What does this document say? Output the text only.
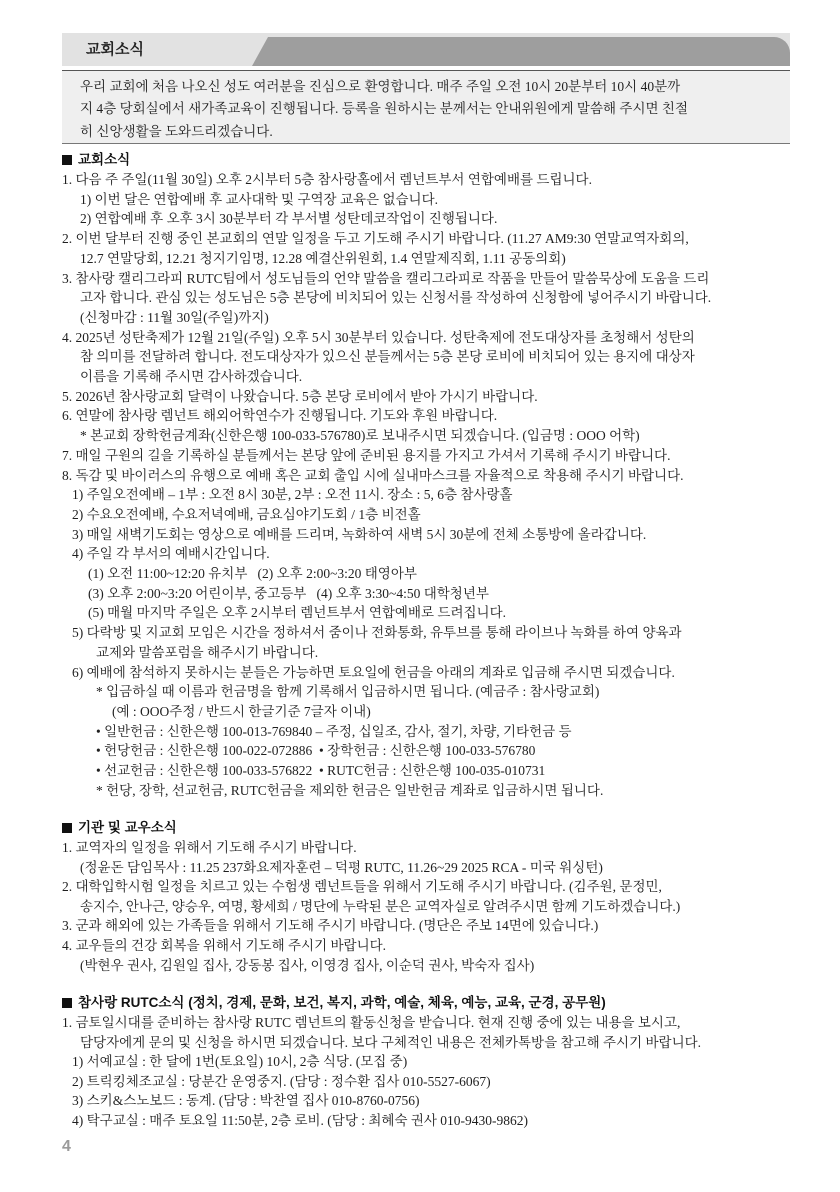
교회소식
우리 교회에 처음 나오신 성도 여러분을 진심으로 환영합니다. 매주 주일 오전 10시 20분부터 10시 40분까
지 4층 당회실에서 새가족교육이 진행됩니다. 등록을 원하시는 분께서는 안내위원에게 말씀해 주시면 친절
히 신앙생활을 도와드리겠습니다.
교회소식
1. 다음 주 주일(11월 30일) 오후 2시부터 5층 참사랑홀에서 렘넌트부서 연합예배를 드립니다.
1) 이번 달은 연합예배 후 교사대학 및 구역장 교육은 없습니다.
2) 연합예배 후 오후 3시 30분부터 각 부서별 성탄데코작업이 진행됩니다.
2. 이번 달부터 진행 중인 본교회의 연말 일정을 두고 기도해 주시기 바랍니다. (11.27 AM9:30 연말교역자회의,
12.7 연말당회, 12.21 청지기임명, 12.28 예결산위원회, 1.4 연말제직회, 1.11 공동의회)
3. 참사랑 캘리그라피 RUTC팀에서 성도님들의 언약 말씀을 캘리그라피로 작품을 만들어 말씀묵상에 도움을 드리
고자 합니다. 관심 있는 성도님은 5층 본당에 비치되어 있는 신청서를 작성하여 신청함에 넣어주시기 바랍니다.
(신청마감 : 11월 30일(주일)까지)
4. 2025년 성탄축제가 12월 21일(주일) 오후 5시 30분부터 있습니다. 성탄축제에 전도대상자를 초청해서 성탄의
참 의미를 전달하려 합니다. 전도대상자가 있으신 분들께서는 5층 본당 로비에 비치되어 있는 용지에 대상자
이름을 기록해 주시면 감사하겠습니다.
5. 2026년 참사랑교회 달력이 나왔습니다. 5층 본당 로비에서 받아 가시기 바랍니다.
6. 연말에 참사랑 렘넌트 해외어학연수가 진행됩니다. 기도와 후원 바랍니다.
* 본교회 장학헌금계좌(신한은행 100-033-576780)로 보내주시면 되겠습니다. (입금명 : OOO 어학)
7. 매일 구원의 길을 기록하실 분들께서는 본당 앞에 준비된 용지를 가지고 가셔서 기록해 주시기 바랍니다.
8. 독감 및 바이러스의 유행으로 예배 혹은 교회 출입 시에 실내마스크를 자율적으로 착용해 주시기 바랍니다.
1) 주일오전예배 – 1부 : 오전 8시 30분, 2부 : 오전 11시. 장소 : 5, 6층 참사랑홀
2) 수요오전예배, 수요저녁예배, 금요심야기도회 / 1층 비전홀
3) 매일 새벽기도회는 영상으로 예배를 드리며, 녹화하여 새벽 5시 30분에 전체 소통방에 올라갑니다.
4) 주일 각 부서의 예배시간입니다.
(1) 오전 11:00~12:20 유치부   (2) 오후 2:00~3:20 태영아부
(3) 오후 2:00~3:20 어린이부, 중고등부   (4) 오후 3:30~4:50 대학청년부
(5) 매월 마지막 주일은 오후 2시부터 렘넌트부서 연합예배로 드려집니다.
5) 다락방 및 지교회 모임은 시간을 정하셔서 줌이나 전화통화, 유투브를 통해 라이브나 녹화를 하여 양육과
교제와 말씀포럼을 해주시기 바랍니다.
6) 예배에 참석하지 못하시는 분들은 가능하면 토요일에 헌금을 아래의 계좌로 입금해 주시면 되겠습니다.
* 입금하실 때 이름과 헌금명을 함께 기록해서 입금하시면 됩니다. (예금주 : 참사랑교회)
(예 : OOO주정 / 반드시 한글기준 7글자 이내)
• 일반헌금 : 신한은행 100-013-769840 – 주정, 십일조, 감사, 절기, 차량, 기타헌금 등
• 헌당헌금 : 신한은행 100-022-072886  • 장학헌금 : 신한은행 100-033-576780
• 선교헌금 : 신한은행 100-033-576822  • RUTC헌금 : 신한은행 100-035-010731
* 헌당, 장학, 선교헌금, RUTC헌금을 제외한 헌금은 일반헌금 계좌로 입금하시면 됩니다.
기관 및 교우소식
1. 교역자의 일정을 위해서 기도해 주시기 바랍니다.
(정윤돈 담임목사 : 11.25 237화요제자훈련 – 덕평 RUTC, 11.26~29 2025 RCA - 미국 워싱턴)
2. 대학입학시험 일정을 치르고 있는 수험생 렘넌트들을 위해서 기도해 주시기 바랍니다. (김주원, 문정민,
송지수, 안나근, 양승우, 여명, 황세희 / 명단에 누락된 분은 교역자실로 알려주시면 함께 기도하겠습니다.)
3. 군과 해외에 있는 가족들을 위해서 기도해 주시기 바랍니다. (명단은 주보 14면에 있습니다.)
4. 교우들의 건강 회복을 위해서 기도해 주시기 바랍니다.
(박현우 권사, 김원일 집사, 강동봉 집사, 이영경 집사, 이순덕 권사, 박숙자 집사)
참사랑 RUTC소식 (정치, 경제, 문화, 보건, 복지, 과학, 예술, 체육, 예능, 교육, 군경, 공무원)
1. 금토일시대를 준비하는 참사랑 RUTC 렘넌트의 활동신청을 받습니다. 현재 진행 중에 있는 내용을 보시고,
담당자에게 문의 및 신청을 하시면 되겠습니다. 보다 구체적인 내용은 전체카톡방을 참고해 주시기 바랍니다.
1) 서예교실 : 한 달에 1번(토요일) 10시, 2층 식당. (모집 중)
2) 트릭킹체조교실 : 당분간 운영중지. (담당 : 정수환 집사 010-5527-6067)
3) 스키&스노보드 : 동계. (담당 : 박찬열 집사 010-8760-0756)
4) 탁구교실 : 매주 토요일 11:50분, 2층 로비. (담당 : 최혜숙 권사 010-9430-9862)
4
